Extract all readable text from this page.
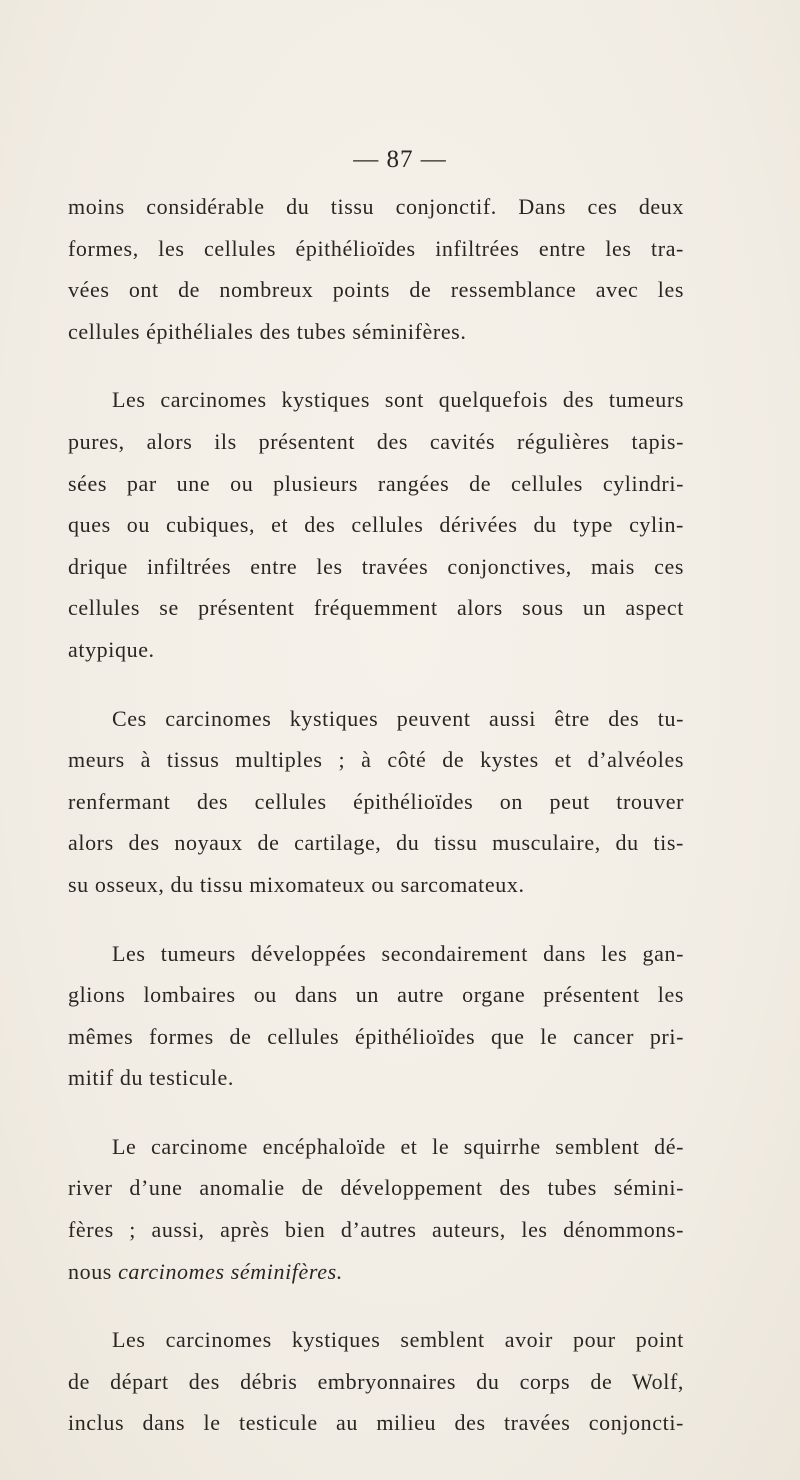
— 87 —

moins considérable du tissu conjonctif. Dans ces deux
formes, les cellules épithélioïdes infiltrées entre les tra-
vées ont de nombreux points de ressemblance avec les
cellules épithéliales des tubes séminifères.

Les carcinomes kystiques sont quelquefois des tumeurs
pures, alors ils présentent des cavités régulières tapis-
sées par une ou plusieurs rangées de cellules cylindri-
ques ou cubiques, et des cellules dérivées du type cylin-
drique infiltrées entre les travées conjonctives, mais ces
cellules se présentent fréquemment alors sous un aspect
atypique.

Ces carcinomes kystiques peuvent aussi être des tu-
meurs à tissus multiples ; à côté de kystes et d’alvéoles
renfermant des cellules épithélioïdes on peut trouver
alors des noyaux de cartilage, du tissu musculaire, du tis-
su osseux, du tissu mixomateux ou sarcomateux.

Les tumeurs développées secondairement dans les gan-
glions lombaires ou dans un autre organe présentent les
mêmes formes de cellules épithélioïdes que le cancer pri-
mitif du testicule.

Le carcinome encéphaloïde et le squirrhe semblent dé-
river d’une anomalie de développement des tubes sémini-
fères ; aussi, après bien d’autres auteurs, les dénommons-
nous carcinomes séminifères.

Les carcinomes kystiques semblent avoir pour point
de départ des débris embryonnaires du corps de Wolf,
inclus dans le testicule au milieu des travées conjoncti-
